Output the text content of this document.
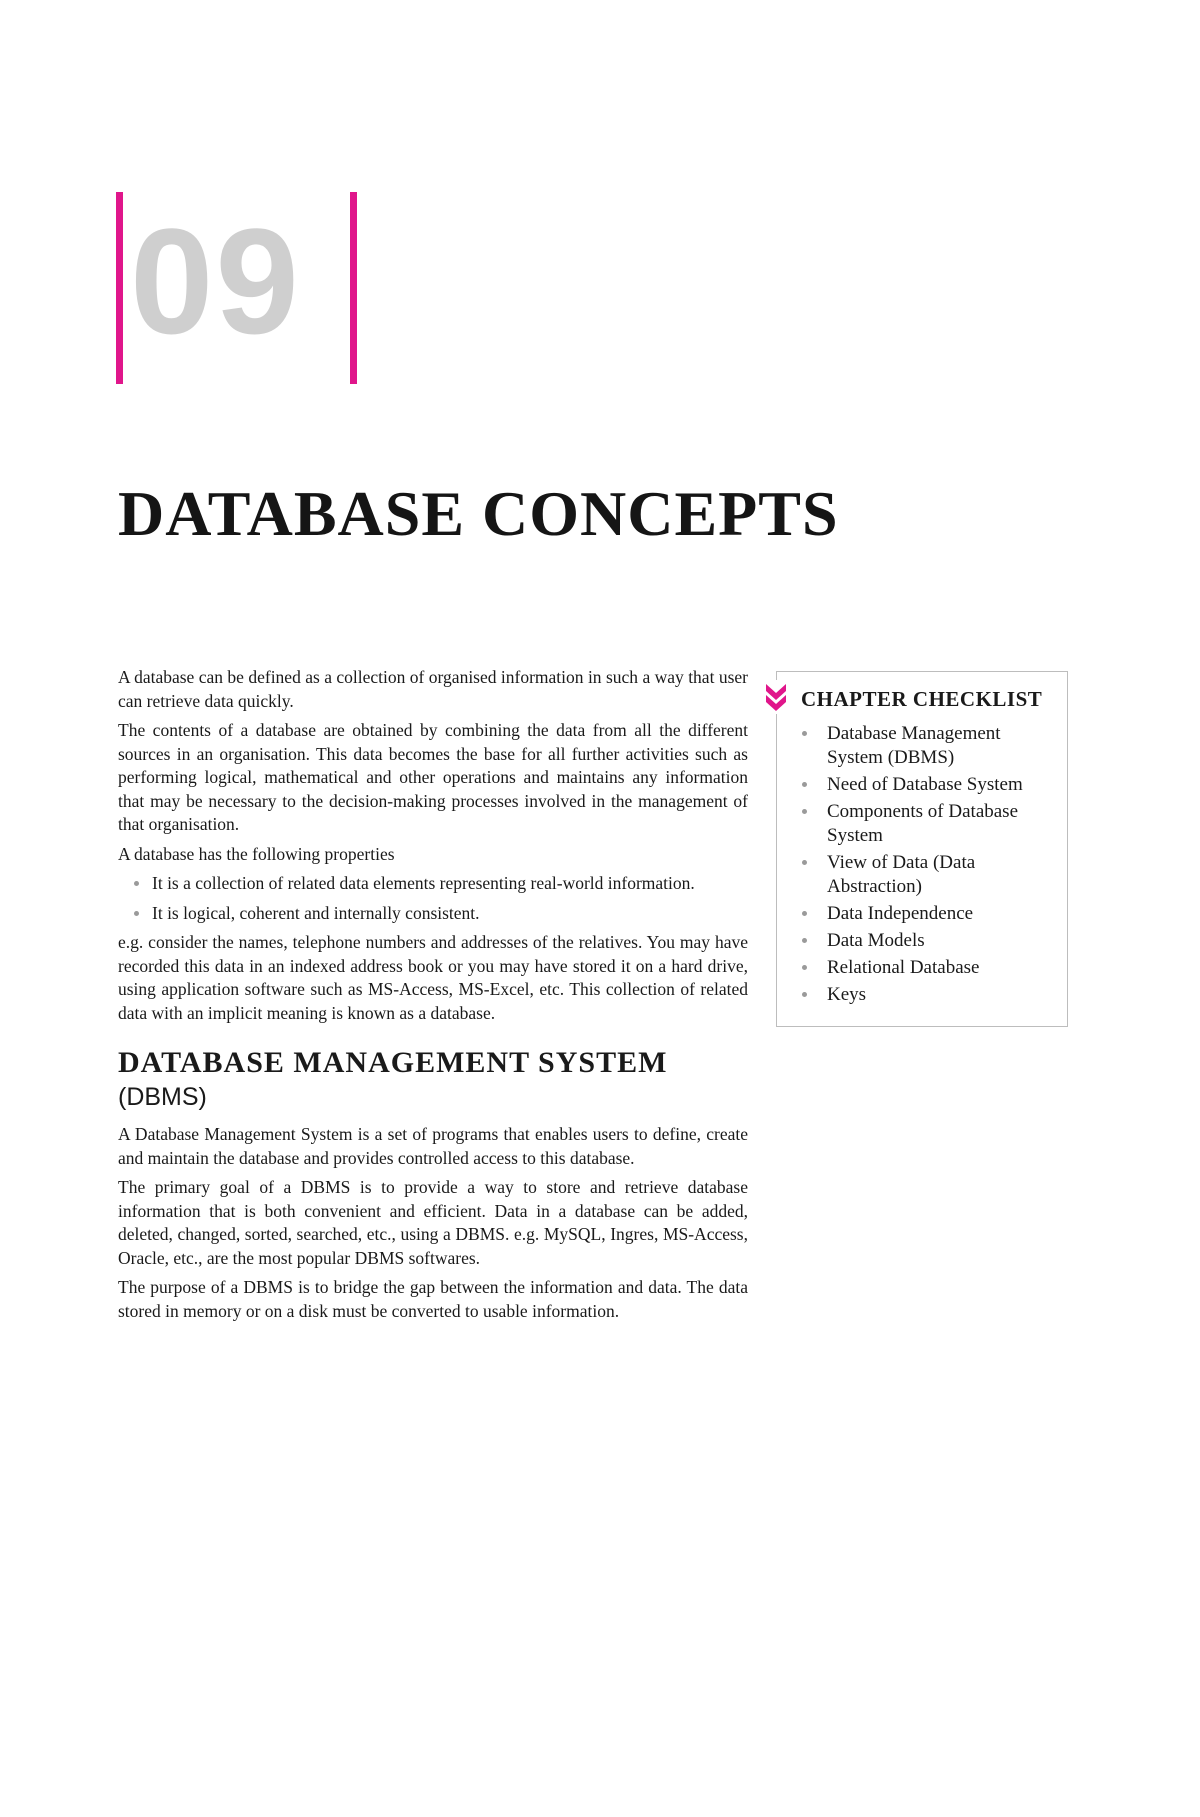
09
DATABASE CONCEPTS

A database can be defined as a collection of organised information in such a way that user can retrieve data quickly.

The contents of a database are obtained by combining the data from all the different sources in an organisation. This data becomes the base for all further activities such as performing logical, mathematical and other operations and maintains any information that may be necessary to the decision-making processes involved in the management of that organisation.

A database has the following properties

It is a collection of related data elements representing real-world information.
It is logical, coherent and internally consistent.

e.g. consider the names, telephone numbers and addresses of the relatives. You may have recorded this data in an indexed address book or you may have stored it on a hard drive, using application software such as MS-Access, MS-Excel, etc. This collection of related data with an implicit meaning is known as a database.

DATABASE MANAGEMENT SYSTEM
(DBMS)

A Database Management System is a set of programs that enables users to define, create and maintain the database and provides controlled access to this database.

The primary goal of a DBMS is to provide a way to store and retrieve database information that is both convenient and efficient. Data in a database can be added, deleted, changed, sorted, searched, etc., using a DBMS. e.g. MySQL, Ingres, MS-Access, Oracle, etc., are the most popular DBMS softwares.

The purpose of a DBMS is to bridge the gap between the information and data. The data stored in memory or on a disk must be converted to usable information.

CHAPTER CHECKLIST
Database Management System (DBMS)
Need of Database System
Components of Database System
View of Data (Data Abstraction)
Data Independence
Data Models
Relational Database
Keys
